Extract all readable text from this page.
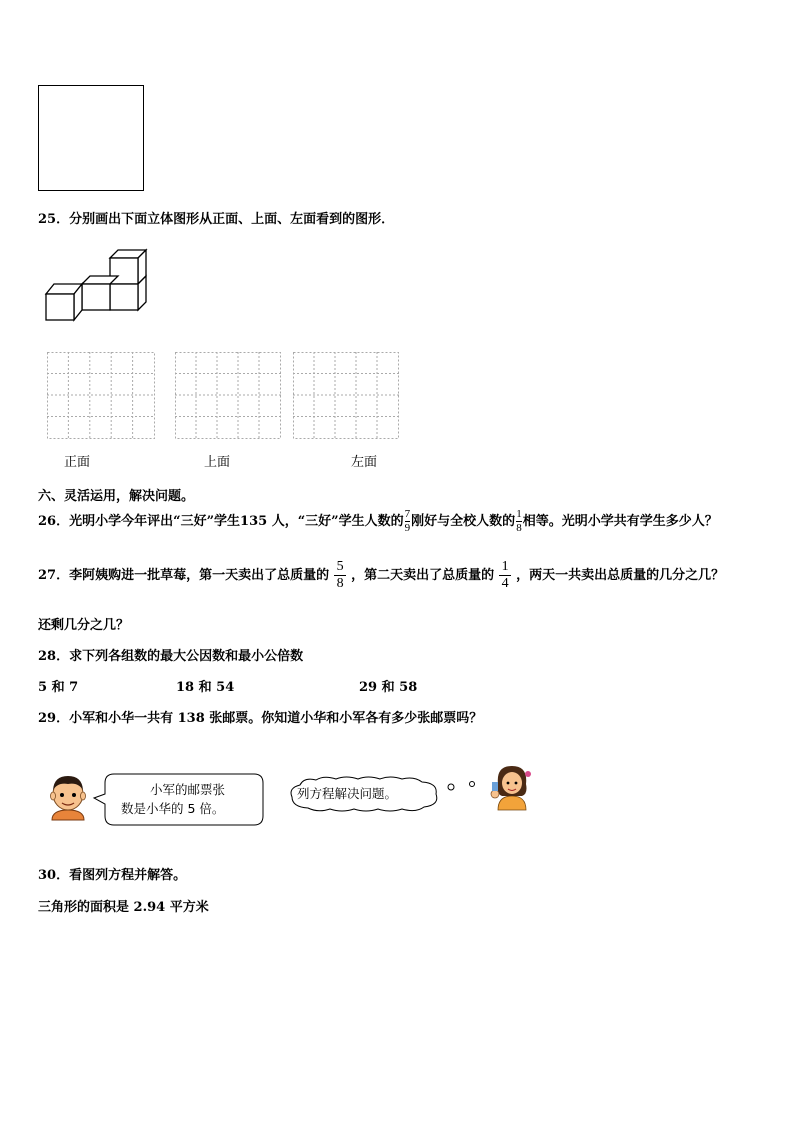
25．分别画出下面立体图形从正面、上面、左面看到的图形．
正面	上面	左面
六、灵活运用，解决问题。
26．光明小学今年评出“三好”学生135 人，“三好”学生人数的 $\frac{7}{9}$ 刚好与全校人数的 $\frac{1}{8}$ 相等。光明小学共有学生多少人？
27．李阿姨购进一批草莓，第一天卖出了总质量的 $\frac{5}{8}$ ，第二天卖出了总质量的 $\frac{1}{4}$ ，两天一共卖出总质量的几分之几？
还剩几分之几？
28．求下列各组数的最大公因数和最小公倍数
5 和 7	18 和 54	29 和 58
29．小军和小华一共有 138 张邮票。你知道小华和小军各有多少张邮票吗？
小军的邮票张
数是小华的 5 倍。
列方程解决问题。
30．看图列方程并解答。
三角形的面积是 2.94 平方米
